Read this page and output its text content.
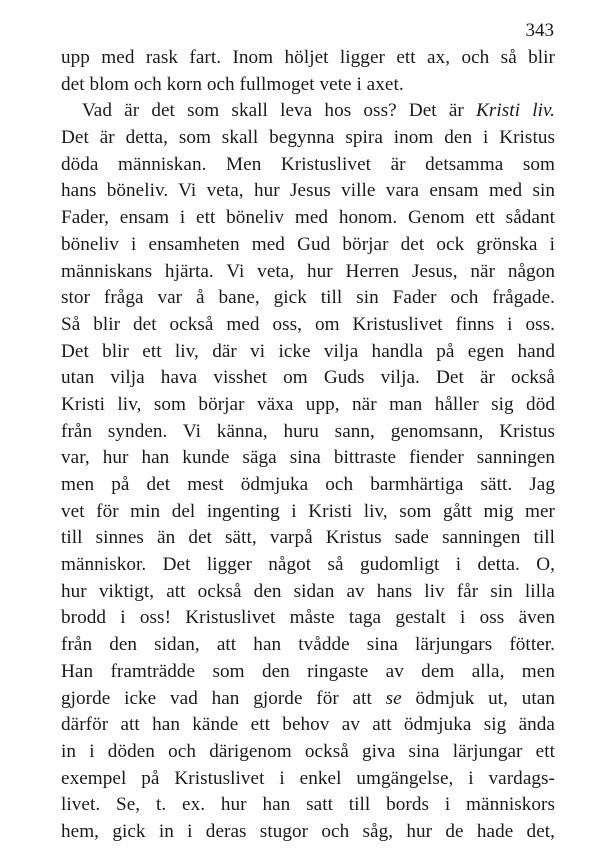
343
upp med rask fart. Inom höljet ligger ett ax, och så blir
det blom och korn och fullmoget vete i axet.
Vad är det som skall leva hos oss? Det är Kristi liv.
Det är detta, som skall begynna spira inom den i Kristus
döda människan. Men Kristuslivet är detsamma som
hans böneliv. Vi veta, hur Jesus ville vara ensam med sin
Fader, ensam i ett böneliv med honom. Genom ett sådant
böneliv i ensamheten med Gud börjar det ock grönska i
människans hjärta. Vi veta, hur Herren Jesus, när någon
stor fråga var å bane, gick till sin Fader och frågade.
Så blir det också med oss, om Kristuslivet finns i oss.
Det blir ett liv, där vi icke vilja handla på egen hand
utan vilja hava visshet om Guds vilja. Det är också
Kristi liv, som börjar växa upp, när man håller sig död
från synden. Vi känna, huru sann, genomsann, Kristus
var, hur han kunde säga sina bittraste fiender sanningen
men på det mest ödmjuka och barmhärtiga sätt. Jag
vet för min del ingenting i Kristi liv, som gått mig mer
till sinnes än det sätt, varpå Kristus sade sanningen till
människor. Det ligger något så gudomligt i detta. O,
hur viktigt, att också den sidan av hans liv får sin lilla
brodd i oss! Kristuslivet måste taga gestalt i oss även
från den sidan, att han tvådde sina lärjungars fötter.
Han framträdde som den ringaste av dem alla, men
gjorde icke vad han gjorde för att se ödmjuk ut, utan
därför att han kände ett behov av att ödmjuka sig ända
in i döden och därigenom också giva sina lärjungar ett
exempel på Kristuslivet i enkel umgängelse, i vardags-
livet. Se, t. ex. hur han satt till bords i människors
hem, gick in i deras stugor och såg, hur de hade det,
